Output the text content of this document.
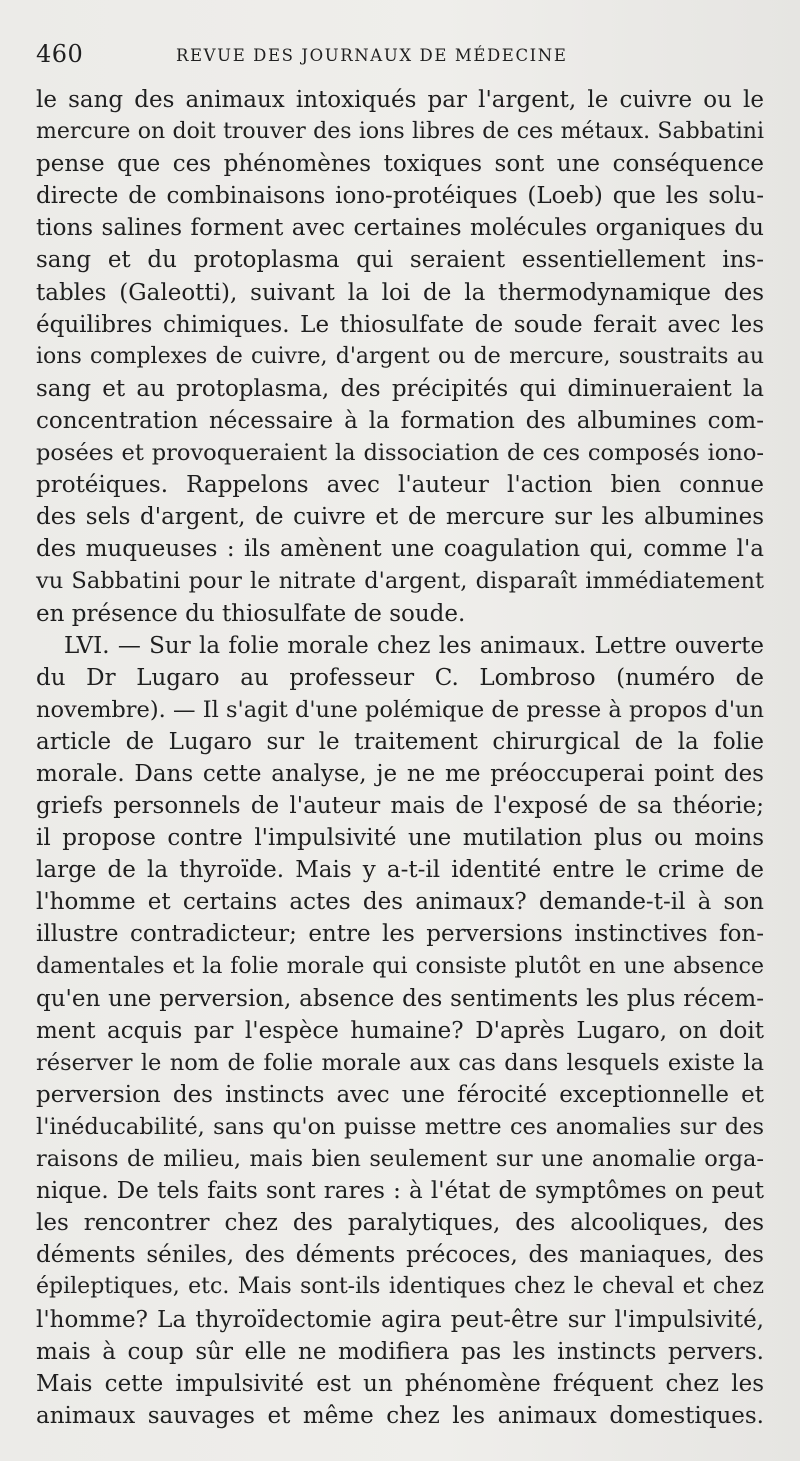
460	REVUE DES JOURNAUX DE MÉDECINE
le sang des animaux intoxiqués par l'argent, le cuivre ou le
mercure on doit trouver des ions libres de ces métaux. Sabbatini
pense que ces phénomènes toxiques sont une conséquence
directe de combinaisons iono-protéiques (Loeb) que les solu-
tions salines forment avec certaines molécules organiques du
sang et du protoplasma qui seraient essentiellement ins-
tables (Galeotti), suivant la loi de la thermodynamique des
équilibres chimiques. Le thiosulfate de soude ferait avec les
ions complexes de cuivre, d'argent ou de mercure, soustraits au
sang et au protoplasma, des précipités qui diminueraient la
concentration nécessaire à la formation des albumines com-
posées et provoqueraient la dissociation de ces composés iono-
protéiques. Rappelons avec l'auteur l'action bien connue
des sels d'argent, de cuivre et de mercure sur les albumines
des muqueuses : ils amènent une coagulation qui, comme l'a
vu Sabbatini pour le nitrate d'argent, disparaît immédiatement
en présence du thiosulfate de soude.
LVI. — Sur la folie morale chez les animaux. Lettre ouverte
du Dr Lugaro au professeur C. Lombroso (numéro de
novembre). — Il s'agit d'une polémique de presse à propos d'un
article de Lugaro sur le traitement chirurgical de la folie
morale. Dans cette analyse, je ne me préoccuperai point des
griefs personnels de l'auteur mais de l'exposé de sa théorie;
il propose contre l'impulsivité une mutilation plus ou moins
large de la thyroïde. Mais y a-t-il identité entre le crime de
l'homme et certains actes des animaux? demande-t-il à son
illustre contradicteur; entre les perversions instinctives fon-
damentales et la folie morale qui consiste plutôt en une absence
qu'en une perversion, absence des sentiments les plus récem-
ment acquis par l'espèce humaine? D'après Lugaro, on doit
réserver le nom de folie morale aux cas dans lesquels existe la
perversion des instincts avec une férocité exceptionnelle et
l'inéducabilité, sans qu'on puisse mettre ces anomalies sur des
raisons de milieu, mais bien seulement sur une anomalie orga-
nique. De tels faits sont rares : à l'état de symptômes on peut
les rencontrer chez des paralytiques, des alcooliques, des
déments séniles, des déments précoces, des maniaques, des
épileptiques, etc. Mais sont-ils identiques chez le cheval et chez
l'homme? La thyroïdectomie agira peut-être sur l'impulsivité,
mais à coup sûr elle ne modifiera pas les instincts pervers.
Mais cette impulsivité est un phénomène fréquent chez les
animaux sauvages et même chez les animaux domestiques.
